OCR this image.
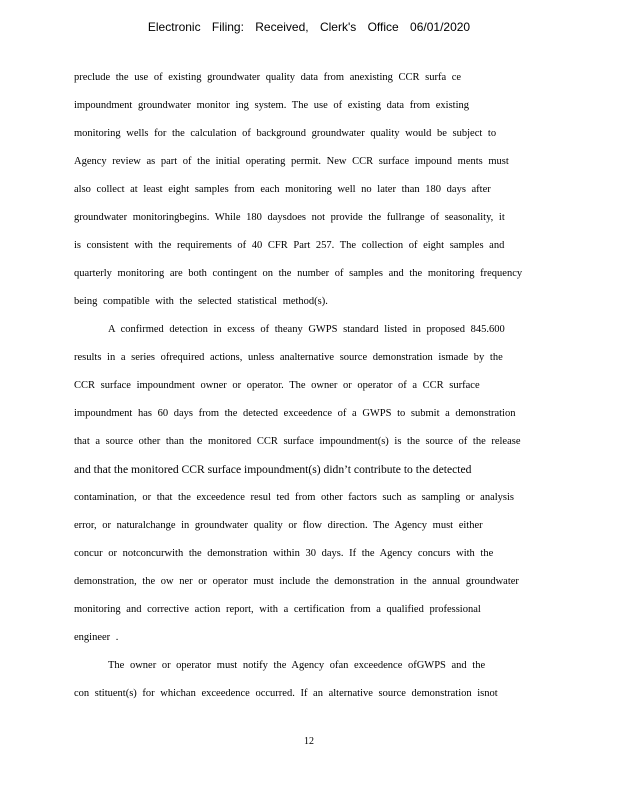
Electronic Filing: Received, Clerk's Office 06/01/2020
preclude the use of existing groundwater quality data from anexisting CCR surfa ce
impoundment groundwater monitor ing system. The use of existing data from existing
monitoring wells for the calculation of background groundwater quality would be subject to
Agency review as part of the initial operating permit. New CCR surface impound ments must
also collect at least eight samples from each monitoring well no later than 180 days after
groundwater monitoringbegins. While 180 daysdoes not provide the fullrange of seasonality, it
is consistent with the requirements of 40 CFR Part 257. The collection of eight samples and
quarterly monitoring are both contingent on the number of samples and the monitoring frequency
being compatible with the selected statistical method(s).
A confirmed detection in excess of theany GWPS standard listed in proposed 845.600
results in a series ofrequired actions, unless analternative source demonstration ismade by the
CCR surface impoundment owner or operator. The owner or operator of a CCR surface
impoundment has 60 days from the detected exceedence of a GWPS to submit a demonstration
that a source other than the monitored CCR surface impoundment(s) is the source of the release
and that the monitored CCR surface impoundment(s) didn’t contribute to the detected
contamination, or that the exceedence resul ted from other factors such as sampling or analysis
error, or naturalchange in groundwater quality or flow direction. The Agency must either
concur or notconcurwith the demonstration within 30 days. If the Agency concurs with the
demonstration, the ow ner or operator must include the demonstration in the annual groundwater
monitoring and corrective action report, with a certification from a qualified professional
engineer .
The owner or operator must notify the Agency ofan exceedence ofGWPS and the
con stituent(s) for whichan exceedence occurred. If an alternative source demonstration isnot
12
